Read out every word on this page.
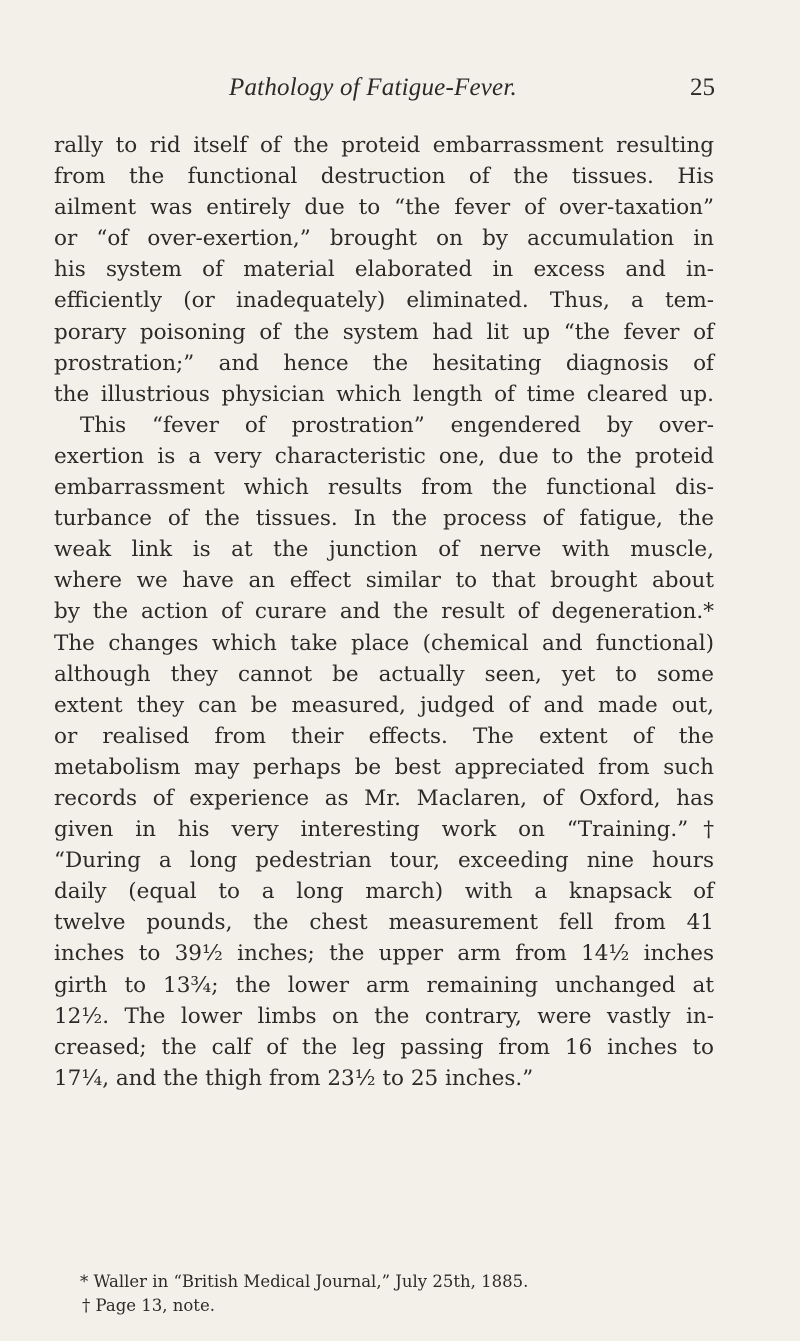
Pathology of Fatigue-Fever.	25
rally to rid itself of the proteid embarrassment resulting
from the functional destruction of the tissues. His
ailment was entirely due to “the fever of over-taxation”
or “of over-exertion,” brought on by accumulation in
his system of material elaborated in excess and in-
efficiently (or inadequately) eliminated. Thus, a tem-
porary poisoning of the system had lit up “the fever of
prostration;” and hence the hesitating diagnosis of
the illustrious physician which length of time cleared up.
This “fever of prostration” engendered by over-
exertion is a very characteristic one, due to the proteid
embarrassment which results from the functional dis-
turbance of the tissues. In the process of fatigue, the
weak link is at the junction of nerve with muscle,
where we have an effect similar to that brought about
by the action of curare and the result of degeneration.*
The changes which take place (chemical and functional)
although they cannot be actually seen, yet to some
extent they can be measured, judged of and made out,
or realised from their effects. The extent of the
metabolism may perhaps be best appreciated from such
records of experience as Mr. Maclaren, of Oxford, has
given in his very interesting work on “Training.”†
“During a long pedestrian tour, exceeding nine hours
daily (equal to a long march) with a knapsack of
twelve pounds, the chest measurement fell from 41
inches to 39½ inches; the upper arm from 14½ inches
girth to 13¾; the lower arm remaining unchanged at
12½. The lower limbs on the contrary, were vastly in-
creased; the calf of the leg passing from 16 inches to
17¼, and the thigh from 23½ to 25 inches.”
* Waller in “British Medical Journal,” July 25th, 1885.
† Page 13, note.
